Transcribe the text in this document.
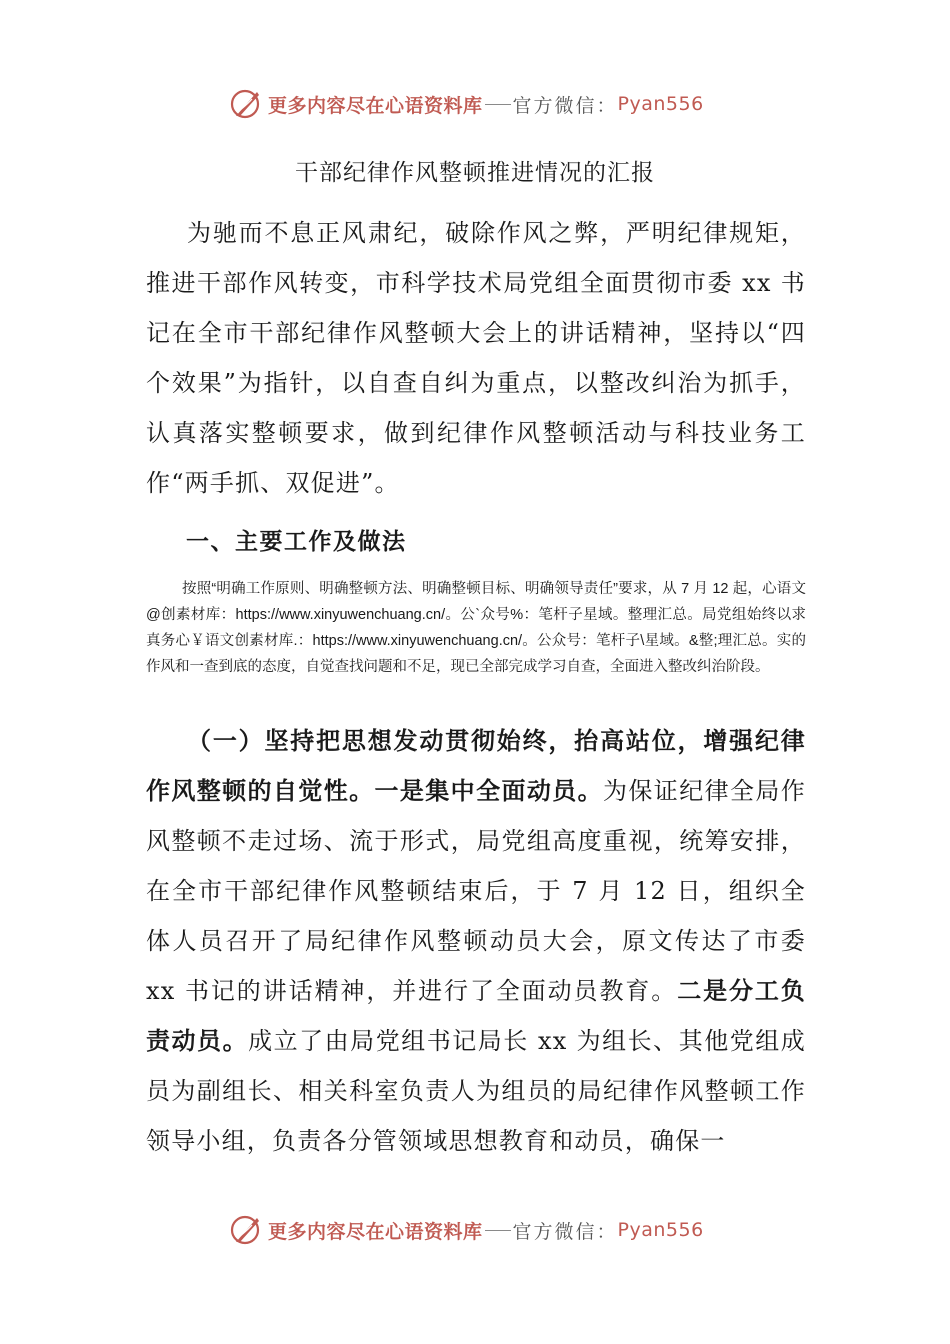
更多内容尽在心语资料库 官方微信： Pyan556
干部纪律作风整顿推进情况的汇报

为驰而不息正风肃纪，破除作风之弊，严明纪律规矩，推进干部作风转变，市科学技术局党组全面贯彻市委 xx 书记在全市干部纪律作风整顿大会上的讲话精神，坚持以“四个效果”为指针，以自查自纠为重点，以整改纠治为抓手，认真落实整顿要求，做到纪律作风整顿活动与科技业务工作“两手抓、双促进”。

一、主要工作及做法

按照“明确工作原则、明确整顿方法、明确整顿目标、明确领导责任”要求，从 7 月 12 起，心语文@创素材库：https://www.xinyuwenchuang.cn/。公`众号%：笔杆子星域。整理汇总。局党组始终以求真务心￥语文创素材库.：https://www.xinyuwenchuang.cn/。公众号：笔杆子\星域。&整;理汇总。实的作风和一查到底的态度，自觉查找问题和不足，现已全部完成学习自查，全面进入整改纠治阶段。

（一）坚持把思想发动贯彻始终，抬高站位，增强纪律作风整顿的自觉性。一是集中全面动员。为保证纪律全局作风整顿不走过场、流于形式，局党组高度重视，统筹安排，在全市干部纪律作风整顿结束后，于 7 月 12 日，组织全体人员召开了局纪律作风整顿动员大会，原文传达了市委 xx 书记的讲话精神，并进行了全面动员教育。二是分工负责动员。成立了由局党组书记局长 xx 为组长、其他党组成员为副组长、相关科室负责人为组员的局纪律作风整顿工作领导小组，负责各分管领域思想教育和动员，确保一

更多内容尽在心语资料库 官方微信： Pyan556
